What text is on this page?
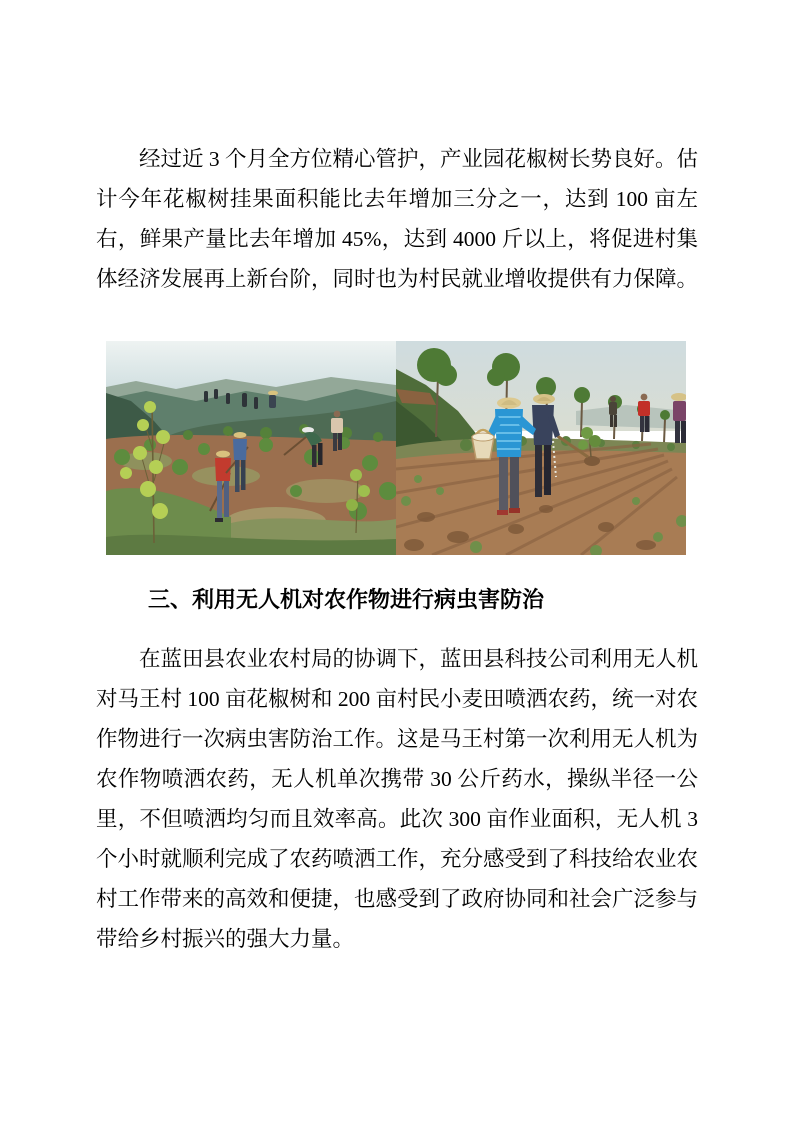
经过近 3 个月全方位精心管护，产业园花椒树长势良好。估
计今年花椒树挂果面积能比去年增加三分之一，达到 100 亩左
右，鲜果产量比去年增加 45%，达到 4000 斤以上，将促进村集
体经济发展再上新台阶，同时也为村民就业增收提供有力保障。
三、利用无人机对农作物进行病虫害防治
在蓝田县农业农村局的协调下，蓝田县科技公司利用无人机
对马王村 100 亩花椒树和 200 亩村民小麦田喷洒农药，统一对农
作物进行一次病虫害防治工作。这是马王村第一次利用无人机为
农作物喷洒农药，无人机单次携带 30 公斤药水，操纵半径一公
里，不但喷洒均匀而且效率高。此次 300 亩作业面积，无人机 3
个小时就顺利完成了农药喷洒工作，充分感受到了科技给农业农
村工作带来的高效和便捷，也感受到了政府协同和社会广泛参与
带给乡村振兴的强大力量。
